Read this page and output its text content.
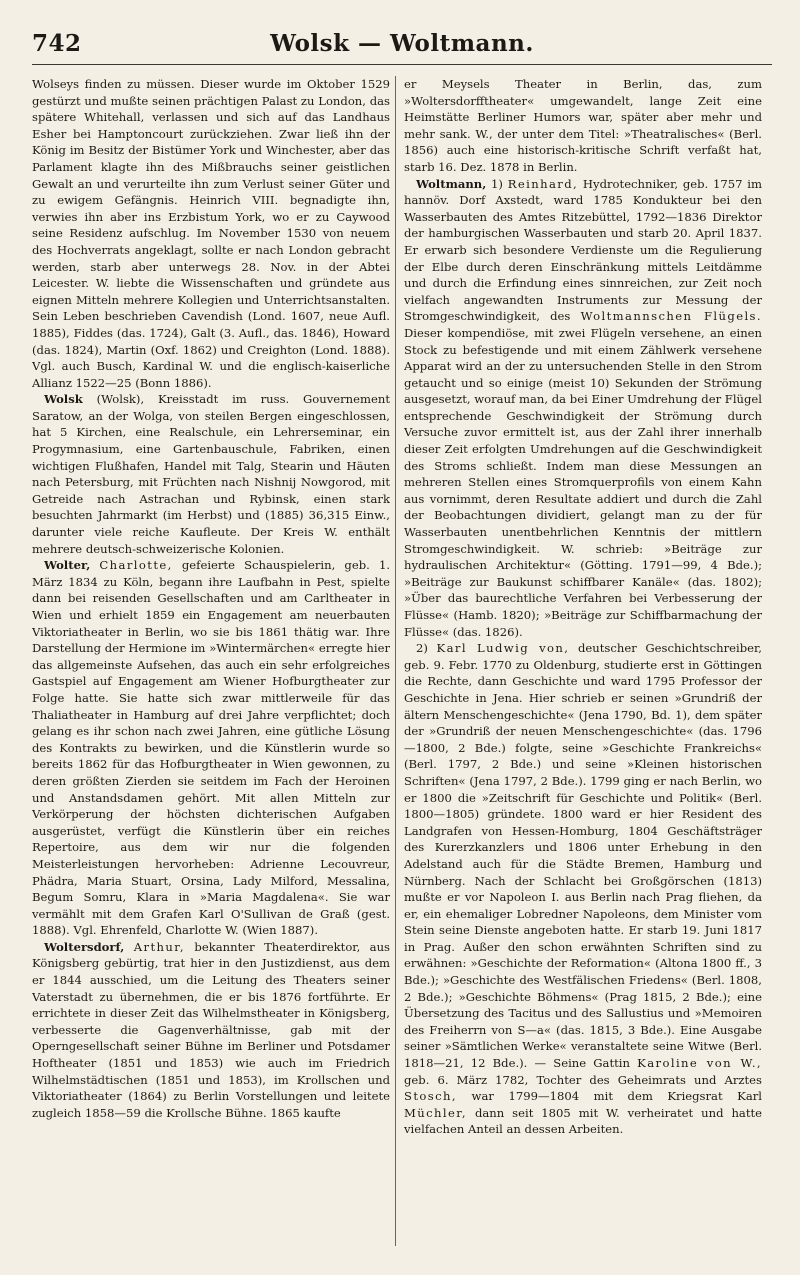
742	Wolsk — Woltmann.

Wolseys finden zu müssen. Dieser wurde im Oktober 1529 gestürzt und mußte seinen prächtigen Palast zu London, das spätere Whitehall, verlassen und sich auf das Landhaus Esher bei Hamptoncourt zurückziehen. Zwar ließ ihn der König im Besitz der Bistümer York und Winchester, aber das Parlament klagte ihn des Mißbrauchs seiner geistlichen Gewalt an und verurteilte ihn zum Verlust seiner Güter und zu ewigem Gefängnis. Heinrich VIII. begnadigte ihn, verwies ihn aber ins Erzbistum York, wo er zu Caywood seine Residenz aufschlug. Im November 1530 von neuem des Hochverrats angeklagt, sollte er nach London gebracht werden, starb aber unterwegs 28. Nov. in der Abtei Leicester. W. liebte die Wissenschaften und gründete aus eignen Mitteln mehrere Kollegien und Unterrichtsanstalten. Sein Leben beschrieben Cavendish (Lond. 1607, neue Aufl. 1885), Fiddes (das. 1724), Galt (3. Aufl., das. 1846), Howard (das. 1824), Martin (Oxf. 1862) und Creighton (Lond. 1888). Vgl. auch Busch, Kardinal W. und die englisch-kaiserliche Allianz 1522—25 (Bonn 1886).

Wolsk (Wolsk), Kreisstadt im russ. Gouvernement Saratow, an der Wolga, von steilen Bergen eingeschlossen, hat 5 Kirchen, eine Realschule, ein Lehrerseminar, ein Progymnasium, eine Gartenbauschule, Fabriken, einen wichtigen Flußhafen, Handel mit Talg, Stearin und Häuten nach Petersburg, mit Früchten nach Nishnij Nowgorod, mit Getreide nach Astrachan und Rybinsk, einen stark besuchten Jahrmarkt (im Herbst) und (1885) 36,315 Einw., darunter viele reiche Kaufleute. Der Kreis W. enthält mehrere deutsch-schweizerische Kolonien.

Wolter, Charlotte, gefeierte Schauspielerin, geb. 1. März 1834 zu Köln, begann ihre Laufbahn in Pest, spielte dann bei reisenden Gesellschaften und am Carltheater in Wien und erhielt 1859 ein Engagement am neuerbauten Viktoriatheater in Berlin, wo sie bis 1861 thätig war. Ihre Darstellung der Hermione im »Wintermärchen« erregte hier das allgemeinste Aufsehen, das auch ein sehr erfolgreiches Gastspiel auf Engagement am Wiener Hofburgtheater zur Folge hatte. Sie hatte sich zwar mittlerweile für das Thaliatheater in Hamburg auf drei Jahre verpflichtet; doch gelang es ihr schon nach zwei Jahren, eine gütliche Lösung des Kontrakts zu bewirken, und die Künstlerin wurde so bereits 1862 für das Hofburgtheater in Wien gewonnen, zu deren größten Zierden sie seitdem im Fach der Heroinen und Anstandsdamen gehört. Mit allen Mitteln zur Verkörperung der höchsten dichterischen Aufgaben ausgerüstet, verfügt die Künstlerin über ein reiches Repertoire, aus dem wir nur die folgenden Meisterleistungen hervorheben: Adrienne Lecouvreur, Phädra, Maria Stuart, Orsina, Lady Milford, Messalina, Begum Somru, Klara in »Maria Magdalena«. Sie war vermählt mit dem Grafen Karl O'Sullivan de Graß (gest. 1888). Vgl. Ehrenfeld, Charlotte W. (Wien 1887).

Woltersdorf, Arthur, bekannter Theaterdirektor, aus Königsberg gebürtig, trat hier in den Justizdienst, aus dem er 1844 ausschied, um die Leitung des Theaters seiner Vaterstadt zu übernehmen, die er bis 1876 fortführte. Er errichtete in dieser Zeit das Wilhelmstheater in Königsberg, verbesserte die Gagenverhältnisse, gab mit der Operngesellschaft seiner Bühne im Berliner und Potsdamer Hoftheater (1851 und 1853) wie auch im Friedrich Wilhelmstädtischen (1851 und 1853), im Krollschen und Viktoriatheater (1864) zu Berlin Vorstellungen und leitete zugleich 1858—59 die Krollsche Bühne. 1865 kaufte

er Meysels Theater in Berlin, das, zum »Woltersdorfftheater« umgewandelt, lange Zeit eine Heimstätte Berliner Humors war, später aber mehr und mehr sank. W., der unter dem Titel: »Theatralisches« (Berl. 1856) auch eine historisch-kritische Schrift verfaßt hat, starb 16. Dez. 1878 in Berlin.

Woltmann, 1) Reinhard, Hydrotechniker, geb. 1757 im hannöv. Dorf Axstedt, ward 1785 Kondukteur bei den Wasserbauten des Amtes Ritzebüttel, 1792—1836 Direktor der hamburgischen Wasserbauten und starb 20. April 1837. Er erwarb sich besondere Verdienste um die Regulierung der Elbe durch deren Einschränkung mittels Leitdämme und durch die Erfindung eines sinnreichen, zur Zeit noch vielfach angewandten Instruments zur Messung der Stromgeschwindigkeit, des Woltmannschen Flügels. Dieser kompendiöse, mit zwei Flügeln versehene, an einen Stock zu befestigende und mit einem Zählwerk versehene Apparat wird an der zu untersuchenden Stelle in den Strom getaucht und so einige (meist 10) Sekunden der Strömung ausgesetzt, worauf man, da bei Einer Umdrehung der Flügel entsprechende Geschwindigkeit der Strömung durch Versuche zuvor ermittelt ist, aus der Zahl ihrer innerhalb dieser Zeit erfolgten Umdrehungen auf die Geschwindigkeit des Stroms schließt. Indem man diese Messungen an mehreren Stellen eines Stromquerprofils von einem Kahn aus vornimmt, deren Resultate addiert und durch die Zahl der Beobachtungen dividiert, gelangt man zu der für Wasserbauten unentbehrlichen Kenntnis der mittlern Stromgeschwindigkeit. W. schrieb: »Beiträge zur hydraulischen Architektur« (Götting. 1791—99, 4 Bde.); »Beiträge zur Baukunst schiffbarer Kanäle« (das. 1802); »Über das baurechtliche Verfahren bei Verbesserung der Flüsse« (Hamb. 1820); »Beiträge zur Schiffbarmachung der Flüsse« (das. 1826).

2) Karl Ludwig von, deutscher Geschichtschreiber, geb. 9. Febr. 1770 zu Oldenburg, studierte erst in Göttingen die Rechte, dann Geschichte und ward 1795 Professor der Geschichte in Jena. Hier schrieb er seinen »Grundriß der ältern Menschengeschichte« (Jena 1790, Bd. 1), dem später der »Grundriß der neuen Menschengeschichte« (das. 1796—1800, 2 Bde.) folgte, seine »Geschichte Frankreichs« (Berl. 1797, 2 Bde.) und seine »Kleinen historischen Schriften« (Jena 1797, 2 Bde.). 1799 ging er nach Berlin, wo er 1800 die »Zeitschrift für Geschichte und Politik« (Berl. 1800—1805) gründete. 1800 ward er hier Resident des Landgrafen von Hessen-Homburg, 1804 Geschäftsträger des Kurerzkanzlers und 1806 unter Erhebung in den Adelstand auch für die Städte Bremen, Hamburg und Nürnberg. Nach der Schlacht bei Großgörschen (1813) mußte er vor Napoleon I. aus Berlin nach Prag fliehen, da er, ein ehemaliger Lobredner Napoleons, dem Minister vom Stein seine Dienste angeboten hatte. Er starb 19. Juni 1817 in Prag. Außer den schon erwähnten Schriften sind zu erwähnen: »Geschichte der Reformation« (Altona 1800 ff., 3 Bde.); »Geschichte des Westfälischen Friedens« (Berl. 1808, 2 Bde.); »Geschichte Böhmens« (Prag 1815, 2 Bde.); eine Übersetzung des Tacitus und des Sallustius und »Memoiren des Freiherrn von S—a« (das. 1815, 3 Bde.). Eine Ausgabe seiner »Sämtlichen Werke« veranstaltete seine Witwe (Berl. 1818—21, 12 Bde.). — Seine Gattin Karoline von W., geb. 6. März 1782, Tochter des Geheimrats und Arztes Stosch, war 1799—1804 mit dem Kriegsrat Karl Müchler, dann seit 1805 mit W. verheiratet und hatte vielfachen Anteil an dessen Arbeiten.
